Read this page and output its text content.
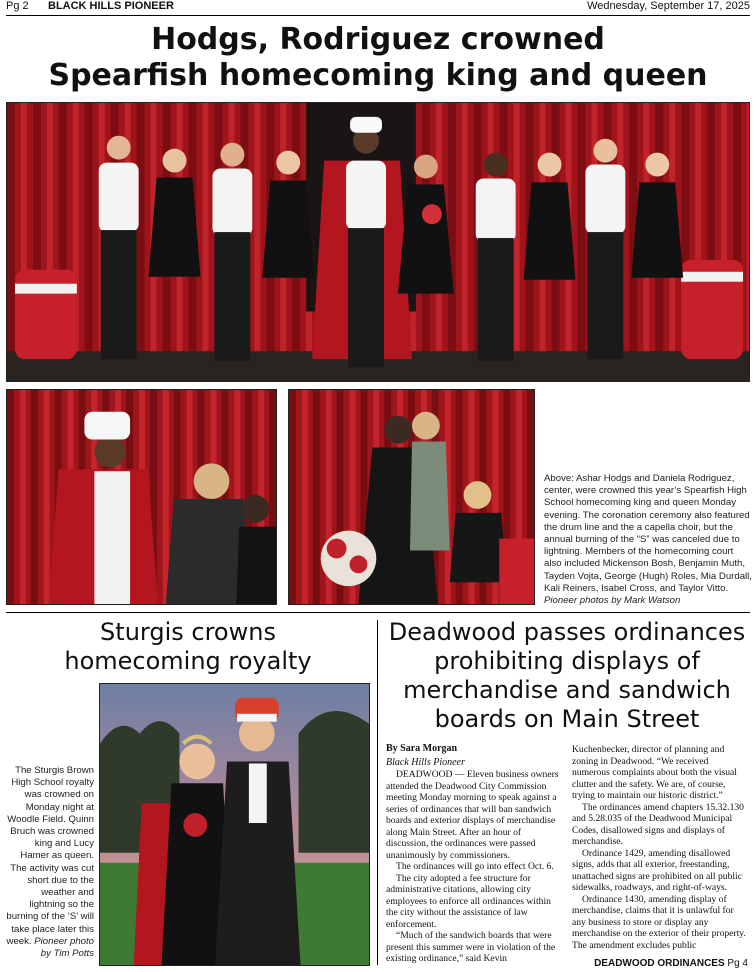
Pg 2 BLACK HILLS PIONEER	Wednesday, September 17, 2025
Hodgs, Rodriguez crowned
Spearfish homecoming king and queen
Above: Ashar Hodgs and Daniela Rodriguez, center, were crowned this year’s Spearfish High School homecoming king and queen Monday evening. The coronation ceremony also featured the drum line and the a capella choir, but the annual burning of the “S” was canceled due to lightning. Members of the homecoming court also included Mickenson Bosh, Benjamin Muth, Tayden Vojta, George (Hugh) Roles, Mia Durdall, Kali Reiners, Isabel Cross, and Taylor Vitto. Pioneer photos by Mark Watson
Sturgis crowns
homecoming royalty
The Sturgis Brown High School royalty was crowned on Monday night at Woodle Field. Quinn Bruch was crowned king and Lucy Hamer as queen. The activity was cut short due to the weather and lightning so the burning of the ‘S’ will take place later this week. Pioneer photo by Tim Potts
Deadwood passes ordinances
prohibiting displays of
merchandise and sandwich
boards on Main Street
By Sara Morgan
Black Hills Pioneer

DEADWOOD — Eleven business owners attended the Deadwood City Commission meeting Monday morning to speak against a series of ordinances that will ban sandwich boards and exterior displays of merchandise along Main Street. After an hour of discussion, the ordinances were passed unanimously by commissioners.

The ordinances will go into effect Oct. 6.

The city adopted a fee structure for administrative citations, allowing city employees to enforce all ordinances within the city without the assistance of law enforcement.

“Much of the sandwich boards that were present this summer were in violation of the existing ordinance,” said Kevin

Kuchenbecker, director of planning and zoning in Deadwood. “We received numerous complaints about both the visual clutter and the safety. We are, of course, trying to maintain our historic district.”

The ordinances amend chapters 15.32.130 and 5.28.035 of the Deadwood Municipal Codes, disallowed signs and displays of merchandise.

Ordinance 1429, amending disallowed signs, adds that all exterior, freestanding, unattached signs are prohibited on all public sidewalks, roadways, and right-of-ways.

Ordinance 1430, amending display of merchandise, claims that it is unlawful for any business to store or display any merchandise on the exterior of their property. The amendment excludes public

DEADWOOD ORDINANCES Pg 4
